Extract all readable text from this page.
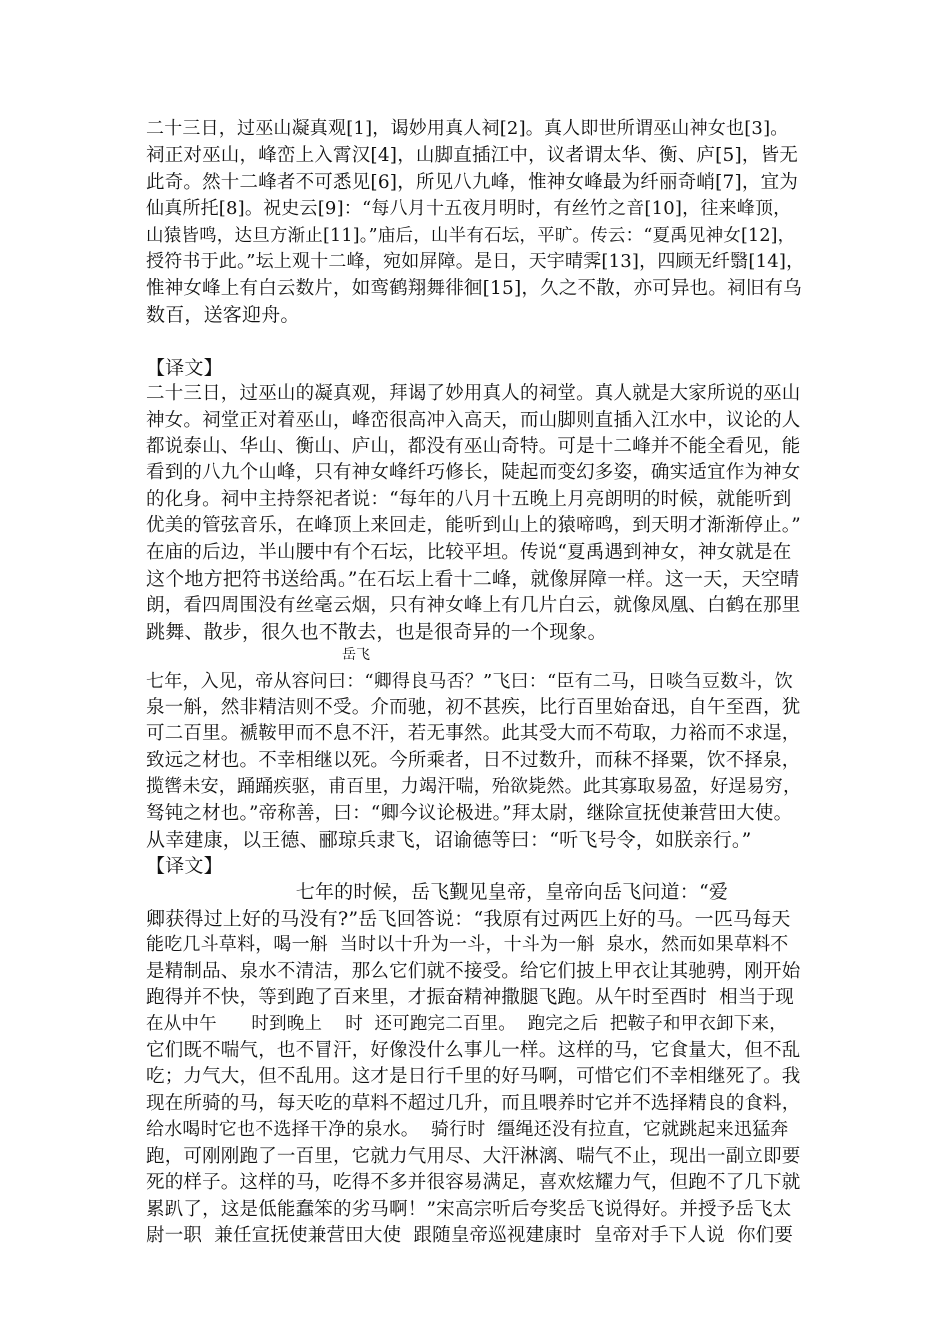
二十三日，过巫山凝真观[1]，谒妙用真人祠[2]。真人即世所谓巫山神女也[3]。
祠正对巫山，峰峦上入霄汉[4]，山脚直插江中，议者谓太华、衡、庐[5]，皆无
此奇。然十二峰者不可悉见[6]，所见八九峰，惟神女峰最为纤丽奇峭[7]，宜为
仙真所托[8]。祝史云[9]：“每八月十五夜月明时，有丝竹之音[10]，往来峰顶，
山猿皆鸣，达旦方渐止[11]。”庙后，山半有石坛，平旷。传云：“夏禹见神女[12]，
授符书于此。”坛上观十二峰，宛如屏障。是日，天宇晴霁[13]，四顾无纤翳[14]，
惟神女峰上有白云数片，如鸾鹤翔舞徘徊[15]，久之不散，亦可异也。祠旧有乌
数百，送客迎舟。
【译文】
二十三日，过巫山的凝真观，拜谒了妙用真人的祠堂。真人就是大家所说的巫山
神女。祠堂正对着巫山，峰峦很高冲入高天，而山脚则直插入江水中，议论的人
都说泰山、华山、衡山、庐山，都没有巫山奇特。可是十二峰并不能全看见，能
看到的八九个山峰，只有神女峰纤巧修长，陡起而变幻多姿，确实适宜作为神女
的化身。祠中主持祭祀者说：“每年的八月十五晚上月亮朗明的时候，就能听到
优美的管弦音乐，在峰顶上来回走，能听到山上的猿啼鸣，到天明才渐渐停止。”
在庙的后边，半山腰中有个石坛，比较平坦。传说“夏禹遇到神女，神女就是在
这个地方把符书送给禹。”在石坛上看十二峰，就像屏障一样。这一天，天空晴
朗，看四周围没有丝毫云烟，只有神女峰上有几片白云，就像凤凰、白鹤在那里
跳舞、散步，很久也不散去，也是很奇异的一个现象。
岳飞
七年，入见，帝从容问曰：“卿得良马否？”飞曰：“臣有二马，日啖刍豆数斗，饮
泉一斛，然非精洁则不受。介而驰，初不甚疾，比行百里始奋迅，自午至酉，犹
可二百里。褫鞍甲而不息不汗，若无事然。此其受大而不苟取，力裕而不求逞，
致远之材也。不幸相继以死。今所乘者，日不过数升，而秣不择粟，饮不择泉，
揽辔未安，踊踊疾驱，甫百里，力竭汗喘，殆欲毙然。此其寡取易盈，好逞易穷，
驽钝之材也。”帝称善，曰：“卿今议论极进。”拜太尉，继除宣抚使兼营田大使。
从幸建康，以王德、郦琼兵隶飞，诏谕德等曰：“听飞号令，如朕亲行。”
【译文】
七年的时候，岳飞觐见皇帝，皇帝向岳飞问道：“爱
卿获得过上好的马没有?”岳飞回答说：“我原有过两匹上好的马。一匹马每天
能吃几斗草料，喝一斛  当时以十升为一斗，十斗为一斛  泉水，然而如果草料不
是精制品、泉水不清洁，那么它们就不接受。给它们披上甲衣让其驰骋，刚开始
跑得并不快，等到跑了百来里，才振奋精神撒腿飞跑。从午时至酉时  相当于现
在从中午      时到晚上    时  还可跑完二百里。  跑完之后  把鞍子和甲衣卸下来，
它们既不喘气，也不冒汗，好像没什么事儿一样。这样的马，它食量大，但不乱
吃；力气大，但不乱用。这才是日行千里的好马啊，可惜它们不幸相继死了。我
现在所骑的马，每天吃的草料不超过几升，而且喂养时它并不选择精良的食料，
给水喝时它也不选择干净的泉水。  骑行时  缰绳还没有拉直，它就跳起来迅猛奔
跑，可刚刚跑了一百里，它就力气用尽、大汗淋漓、喘气不止，现出一副立即要
死的样子。这样的马，吃得不多并很容易满足，喜欢炫耀力气，但跑不了几下就
累趴了，这是低能蠢笨的劣马啊！”宋高宗听后夸奖岳飞说得好。并授予岳飞太
尉一职  兼任宣抚使兼营田大使  跟随皇帝巡视建康时  皇帝对手下人说  你们要
